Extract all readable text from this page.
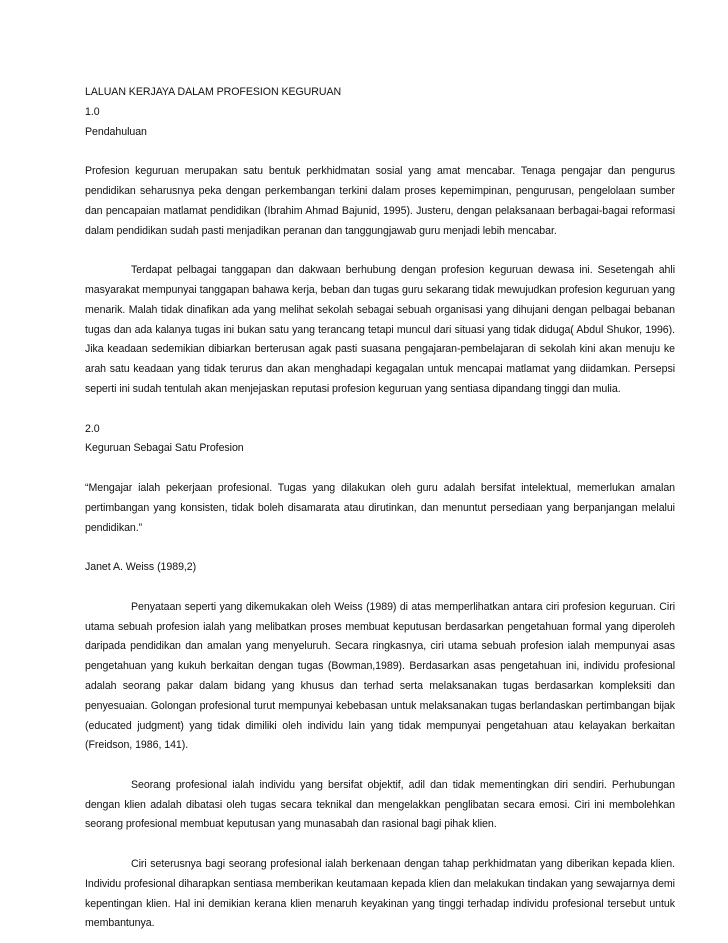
LALUAN KERJAYA DALAM PROFESION KEGURUAN
1.0
Pendahuluan

Profesion keguruan merupakan satu bentuk perkhidmatan sosial yang amat mencabar. Tenaga pengajar dan pengurus pendidikan seharusnya peka dengan perkembangan terkini dalam proses kepemimpinan, pengurusan, pengelolaan sumber dan pencapaian matlamat pendidikan (Ibrahim Ahmad Bajunid, 1995). Justeru, dengan pelaksanaan berbagai-bagai reformasi dalam pendidikan sudah pasti menjadikan peranan dan tanggungjawab guru menjadi lebih mencabar.

Terdapat pelbagai tanggapan dan dakwaan berhubung dengan profesion keguruan dewasa ini. Sesetengah ahli masyarakat mempunyai tanggapan bahawa kerja, beban dan tugas guru sekarang tidak mewujudkan profesion keguruan yang menarik. Malah tidak dinafikan ada yang melihat sekolah sebagai sebuah organisasi yang dihujani dengan pelbagai bebanan tugas dan ada kalanya tugas ini bukan satu yang terancang tetapi muncul dari situasi yang tidak diduga( Abdul Shukor, 1996). Jika keadaan sedemikian dibiarkan berterusan agak pasti suasana pengajaran-pembelajaran di sekolah kini akan menuju ke arah satu keadaan yang tidak terurus dan akan menghadapi kegagalan untuk mencapai matlamat yang diidamkan. Persepsi seperti ini sudah tentulah akan menjejaskan reputasi profesion keguruan yang sentiasa dipandang tinggi dan mulia.

2.0
Keguruan Sebagai Satu Profesion

“Mengajar ialah pekerjaan profesional. Tugas yang dilakukan oleh guru adalah bersifat intelektual, memerlukan amalan pertimbangan yang konsisten, tidak boleh disamarata atau dirutinkan, dan menuntut persediaan yang berpanjangan melalui pendidikan.”

Janet A. Weiss (1989,2)

Penyataan seperti yang dikemukakan oleh Weiss (1989) di atas memperlihatkan antara ciri profesion keguruan. Ciri utama sebuah profesion ialah yang melibatkan proses membuat keputusan berdasarkan pengetahuan formal yang diperoleh daripada pendidikan dan amalan yang menyeluruh. Secara ringkasnya, ciri utama sebuah profesion ialah mempunyai asas pengetahuan yang kukuh berkaitan dengan tugas (Bowman,1989). Berdasarkan asas pengetahuan ini, individu profesional adalah seorang pakar dalam bidang yang khusus dan terhad serta melaksanakan tugas berdasarkan kompleksiti dan penyesuaian. Golongan profesional turut mempunyai kebebasan untuk melaksanakan tugas berlandaskan pertimbangan bijak (educated judgment) yang tidak dimiliki oleh individu lain yang tidak mempunyai pengetahuan atau kelayakan berkaitan (Freidson, 1986, 141).

Seorang profesional ialah individu yang bersifat objektif, adil dan tidak mementingkan diri sendiri. Perhubungan dengan klien adalah dibatasi oleh tugas secara teknikal dan mengelakkan penglibatan secara emosi. Ciri ini membolehkan seorang profesional membuat keputusan yang munasabah dan rasional bagi pihak klien.

Ciri seterusnya bagi seorang profesional ialah berkenaan dengan tahap perkhidmatan yang diberikan kepada klien. Individu profesional diharapkan sentiasa memberikan keutamaan kepada klien dan melakukan tindakan yang sewajarnya demi kepentingan klien. Hal ini demikian kerana klien menaruh keyakinan yang tinggi terhadap individu profesional tersebut untuk membantunya.
